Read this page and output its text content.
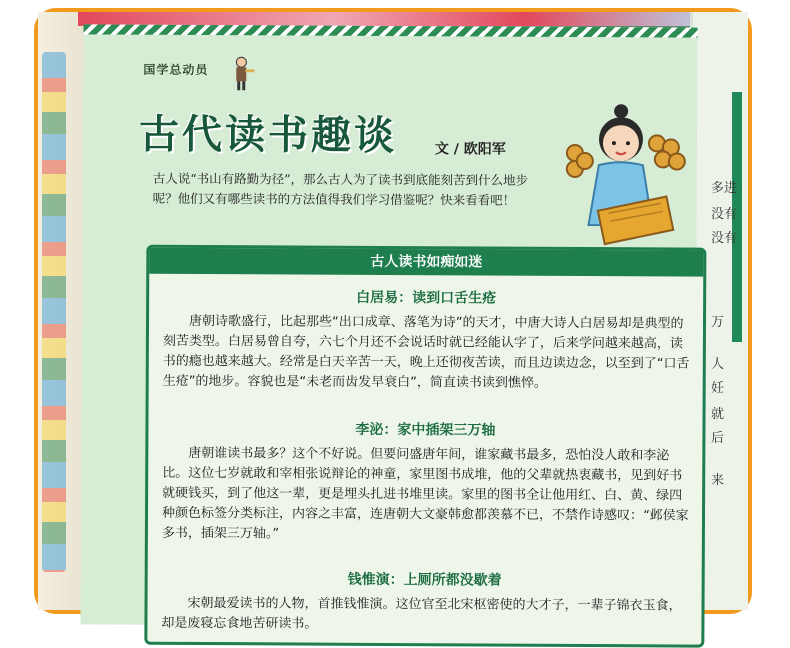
多进
没有
没有
万
人
妊
就
后
来
国学总动员
古代读书趣谈	文 / 欧阳军
古人说“书山有路勤为径”，那么古人为了读书到底能刻苦到什么地步呢？他们又有哪些读书的方法值得我们学习借鉴呢？快来看看吧！
古人读书如痴如迷
白居易：读到口舌生疮
唐朝诗歌盛行，比起那些“出口成章、落笔为诗”的天才，中唐大诗人白居易却是典型的刻苦类型。白居易曾自夸，六七个月还不会说话时就已经能认字了，后来学问越来越高，读书的瘾也越来越大。经常是白天辛苦一天，晚上还彻夜苦读，而且边读边念，以至到了“口舌生疮”的地步。容貌也是“未老而齿发早衰白”，简直读书读到憔悴。
李泌：家中插架三万轴
唐朝谁读书最多？这个不好说。但要问盛唐年间，谁家藏书最多，恐怕没人敢和李泌比。这位七岁就敢和宰相张说辩论的神童，家里图书成堆，他的父辈就热衷藏书，见到好书就硬钱买，到了他这一辈，更是埋头扎进书堆里读。家里的图书全让他用红、白、黄、绿四种颜色标签分类标注，内容之丰富，连唐朝大文豪韩愈都羡慕不已，不禁作诗感叹：“邺侯家多书，插架三万轴。”
钱惟演：上厕所都没歇着
宋朝最爱读书的人物，首推钱惟演。这位官至北宋枢密使的大才子，一辈子锦衣玉食，却是废寝忘食地苦研读书。
